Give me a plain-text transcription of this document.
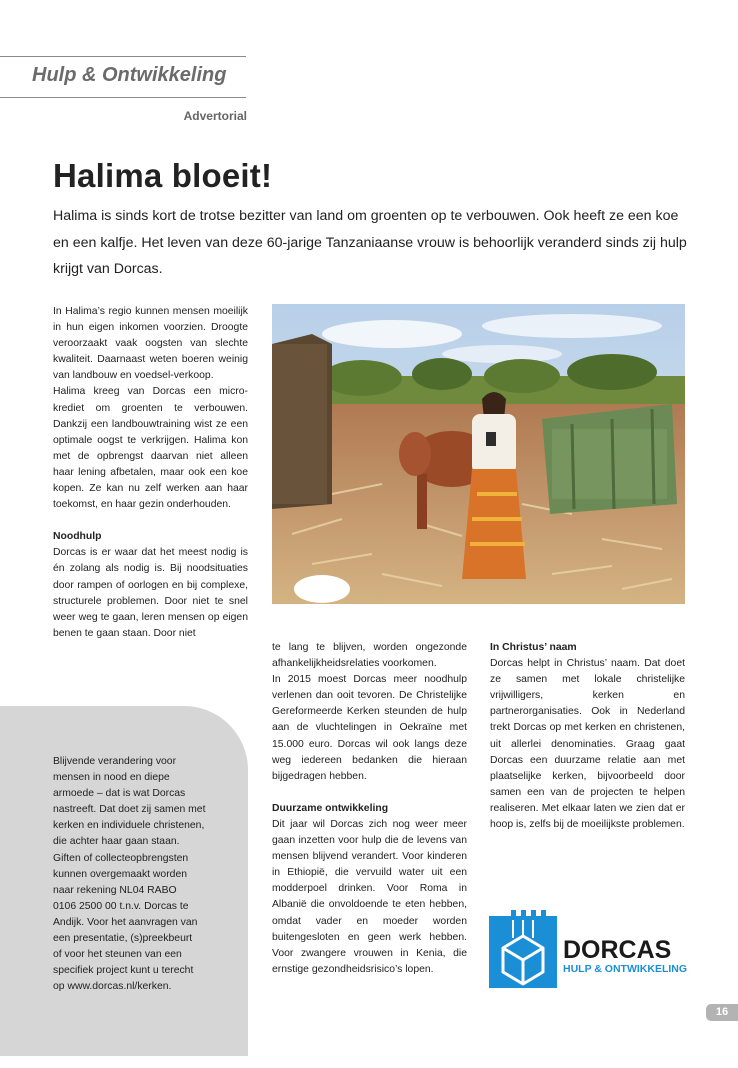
Hulp & Ontwikkeling
Advertorial
Halima bloeit!
Halima is sinds kort de trotse bezitter van land om groenten op te verbouwen. Ook heeft ze een koe en een kalfje. Het leven van deze 60-jarige Tanzaniaanse vrouw is behoorlijk veranderd sinds zij hulp krijgt van Dorcas.

In Halima’s regio kunnen mensen moeilijk in hun eigen inkomen voorzien. Droogte veroorzaakt vaak oogsten van slechte kwaliteit. Daarnaast weten boeren weinig van landbouw en voedsel-verkoop.

Halima kreeg van Dorcas een micro-krediet om groenten te verbouwen. Dankzij een landbouwtraining wist ze een optimale oogst te verkrijgen. Halima kon met de opbrengst daarvan niet alleen haar lening afbetalen, maar ook een koe kopen. Ze kan nu zelf werken aan haar toekomst, en haar gezin onderhouden.

Noodhulp

Dorcas is er waar dat het meest nodig is én zolang als nodig is. Bij noodsituaties door rampen of oorlogen en bij complexe, structurele problemen. Door niet te snel weer weg te gaan, leren mensen op eigen benen te gaan staan. Door niet

Blijvende verandering voor
mensen in nood en diepe
armoede – dat is wat Dorcas
nastreeft. Dat doet zij samen met
kerken en individuele christenen,
die achter haar gaan staan.
Giften of collecteopbrengsten
kunnen overgemaakt worden
naar rekening NL04 RABO
0106 2500 00 t.n.v. Dorcas te
Andijk. Voor het aanvragen van
een presentatie, (s)preekbeurt
of voor het steunen van een
specifiek project kunt u terecht
op www.dorcas.nl/kerken.

te lang te blijven, worden ongezonde afhankelijkheidsrelaties voorkomen.

In 2015 moest Dorcas meer noodhulp verlenen dan ooit tevoren. De Christelijke Gereformeerde Kerken steunden de hulp aan de vluchtelingen in Oekraïne met 15.000 euro. Dorcas wil ook langs deze weg iedereen bedanken die hieraan bijgedragen hebben.

Duurzame ontwikkeling

Dit jaar wil Dorcas zich nog weer meer gaan inzetten voor hulp die de levens van mensen blijvend verandert. Voor kinderen in Ethiopië, die vervuild water uit een modderpoel drinken. Voor Roma in Albanië die onvoldoende te eten hebben, omdat vader en moeder worden buitengesloten en geen werk hebben. Voor zwangere vrouwen in Kenia, die ernstige gezondheidsrisico’s lopen.

In Christus’ naam

Dorcas helpt in Christus’ naam. Dat doet ze samen met lokale christelijke vrijwilligers, kerken en partnerorganisaties. Ook in Nederland trekt Dorcas op met kerken en christenen, uit allerlei denominaties. Graag gaat Dorcas een duurzame relatie aan met plaatselijke kerken, bijvoorbeeld door samen een van de projecten te helpen realiseren. Met elkaar laten we zien dat er hoop is, zelfs bij de moeilijkste problemen.

DORCAS
HULP & ONTWIKKELING
16
